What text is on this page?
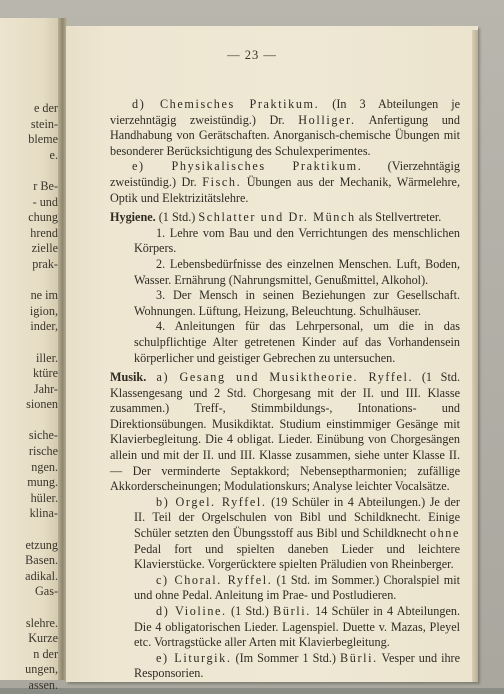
e der
stein-
bleme
e.
r Be-
- und
chung
hrend
zielle
prak-
ne im
igion,
inder,
iller.
ktüre
Jahr-
sionen
siche-
rische
ngen.
mung.
hüler.
klina-
etzung
Basen.
adikal.
Gas-
slehre.
Kurze
n der
ungen,
assen.
— 23 —
d) Chemisches Praktikum. (In 3 Abteilungen je vierzehntägig zweistündig.) Dr. Holliger. Anfertigung und Handhabung von Gerätschaften. Anorganisch-chemische Übungen mit besonderer Berücksichtigung des Schulexperimentes.
e) Physikalisches Praktikum. (Vierzehntägig zweistündig.) Dr. Fisch. Übungen aus der Mechanik, Wärmelehre, Optik und Elektrizitätslehre.
Hygiene. (1 Std.) Schlatter und Dr. Münch als Stellvertreter.
1. Lehre vom Bau und den Verrichtungen des menschlichen Körpers.
2. Lebensbedürfnisse des einzelnen Menschen. Luft, Boden, Wasser. Ernährung (Nahrungsmittel, Genußmittel, Alkohol).
3. Der Mensch in seinen Beziehungen zur Gesellschaft. Wohnungen. Lüftung, Heizung, Beleuchtung. Schulhäuser.
4. Anleitungen für das Lehrpersonal, um die in das schulpflichtige Alter getretenen Kinder auf das Vorhandensein körperlicher und geistiger Gebrechen zu untersuchen.
Musik. a) Gesang und Musiktheorie. Ryffel. (1 Std. Klassengesang und 2 Std. Chorgesang mit der II. und III. Klasse zusammen.) Treff-, Stimmbildungs-, Intonations- und Direktionsübungen. Musikdiktat. Studium einstimmiger Gesänge mit Klavierbegleitung. Die 4 obligat. Lieder. Einübung von Chorgesängen allein und mit der II. und III. Klasse zusammen, siehe unter Klasse II. — Der verminderte Septakkord; Nebenseptharmonien; zufällige Akkorderscheinungen; Modulationskurs; Analyse leichter Vocalsätze.
b) Orgel. Ryffel. (19 Schüler in 4 Abteilungen.) Je der II. Teil der Orgelschulen von Bibl und Schildknecht. Einige Schüler setzten den Übungsstoff aus Bibl und Schildknecht ohne Pedal fort und spielten daneben Lieder und leichtere Klavierstücke. Vorgerücktere spielten Präludien von Rheinberger.
c) Choral. Ryffel. (1 Std. im Sommer.) Choralspiel mit und ohne Pedal. Anleitung im Prae- und Postludieren.
d) Violine. (1 Std.) Bürli. 14 Schüler in 4 Abteilungen. Die 4 obligatorischen Lieder. Lagenspiel. Duette v. Mazas, Pleyel etc. Vortragstücke aller Arten mit Klavierbegleitung.
e) Liturgik. (Im Sommer 1 Std.) Bürli. Vesper und ihre Responsorien.
